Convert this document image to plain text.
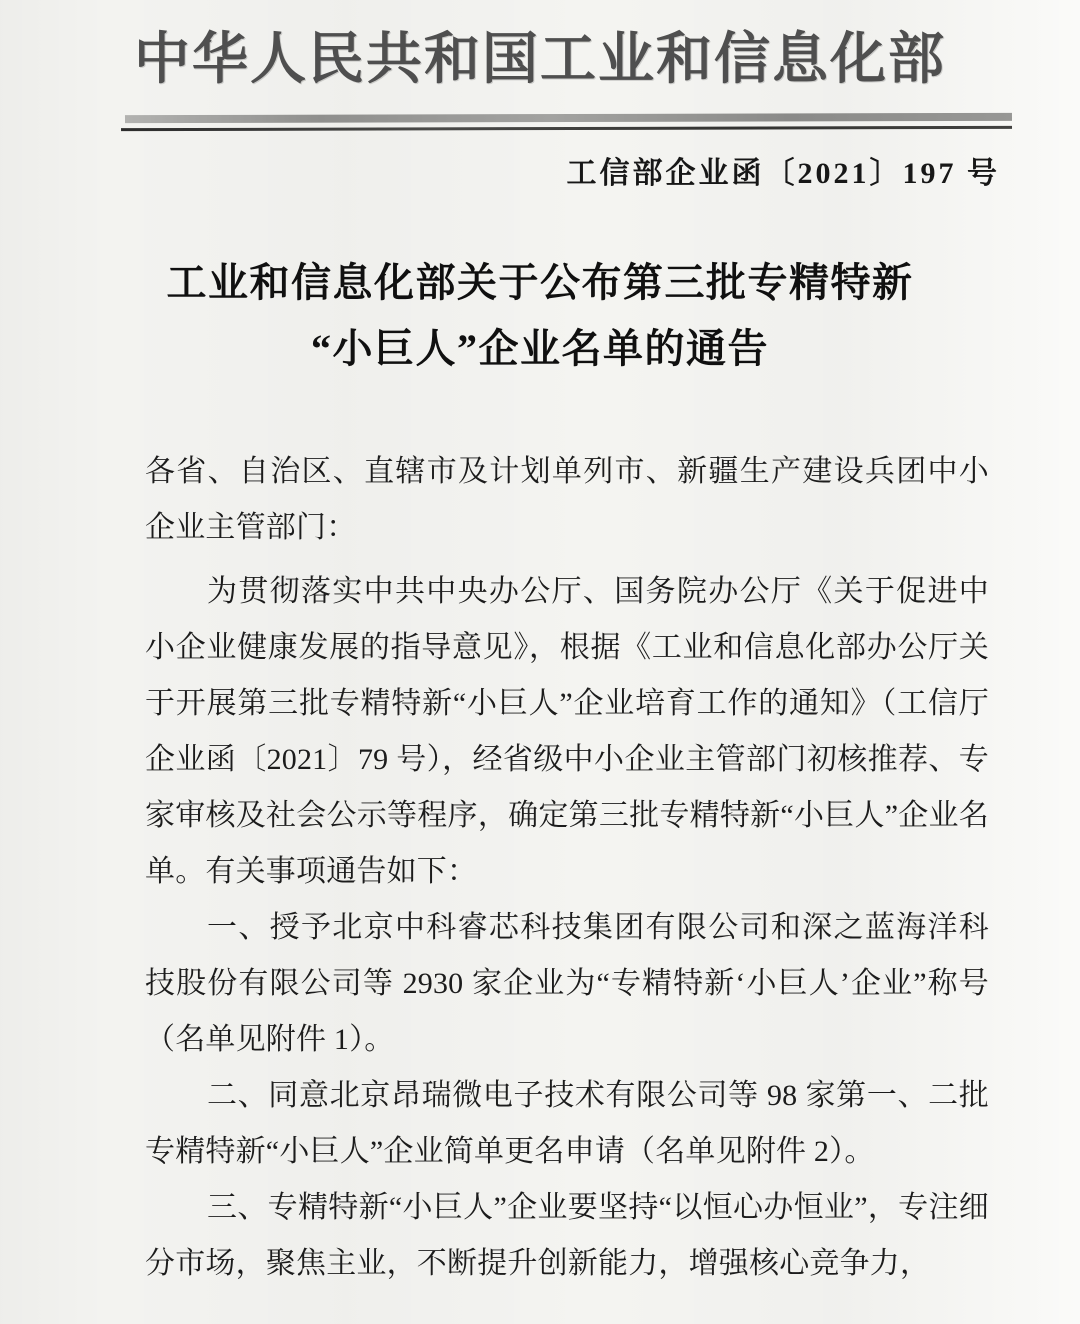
中华人民共和国工业和信息化部
工信部企业函〔2021〕197 号
工业和信息化部关于公布第三批专精特新
“小巨人”企业名单的通告

各省、自治区、直辖市及计划单列市、新疆生产建设兵团中小企业主管部门：

为贯彻落实中共中央办公厅、国务院办公厅《关于促进中小企业健康发展的指导意见》，根据《工业和信息化部办公厅关于开展第三批专精特新“小巨人”企业培育工作的通知》（工信厅企业函〔2021〕79 号），经省级中小企业主管部门初核推荐、专家审核及社会公示等程序，确定第三批专精特新“小巨人”企业名单。有关事项通告如下：

一、授予北京中科睿芯科技集团有限公司和深之蓝海洋科技股份有限公司等 2930 家企业为“专精特新‘小巨人’企业”称号（名单见附件 1）。

二、同意北京昂瑞微电子技术有限公司等 98 家第一、二批专精特新“小巨人”企业简单更名申请（名单见附件 2）。

三、专精特新“小巨人”企业要坚持“以恒心办恒业”，专注细分市场，聚焦主业，不断提升创新能力，增强核心竞争力，
